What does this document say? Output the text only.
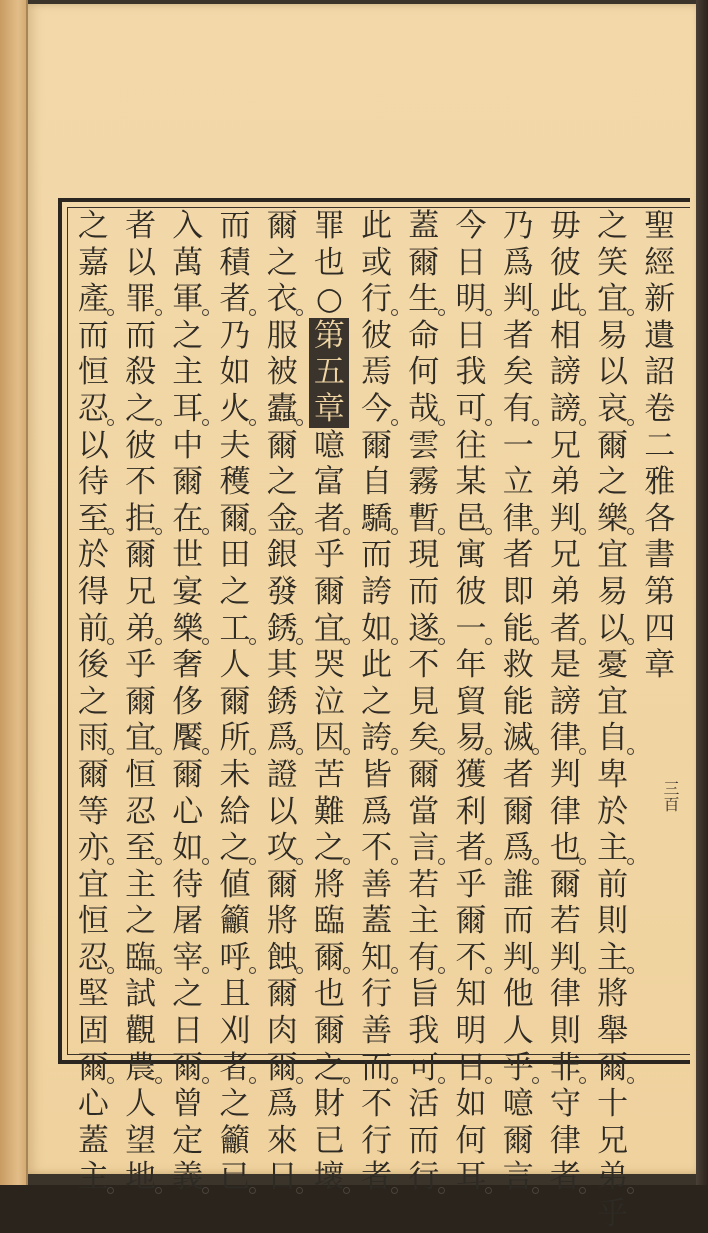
聖
經
新
遺
詔
卷
二
雅
各
書
第
四
章
之
笑
宜
易
以
哀
爾
之
樂
宜
易
以
憂
宜
自
卑
於
主
前
則
主
將
舉
爾
十
兄
弟
乎
毋
彼
此
相
謗
謗
兄
弟
判
兄
弟
者
是
謗
律
判
律
也
爾
若
判
律
則
非
守
律
者
乃
爲
判
者
矣
有
一
立
律
者
即
能
救
能
滅
者
爾
爲
誰
而
判
他
人
乎
噫
爾
言
今
日
明
日
我
可
往
某
邑
寓
彼
一
年
貿
易
獲
利
者
乎
爾
不
知
明
日
如
何
耳
蓋
爾
生
命
何
哉
雲
霧
暫
現
而
遂
不
見
矣
爾
當
言
若
主
有
旨
我
可
活
而
行
此
或
行
彼
焉
今
爾
自
驕
而
誇
如
此
之
誇
皆
爲
不
善
蓋
知
行
善
而
不
行
者
罪
也
○
第
五
章
噫
富
者
乎
爾
宜
哭
泣
因
苦
難
之
將
臨
爾
也
爾
之
財
已
壞
爾
之
衣
服
被
蠹
爾
之
金
銀
發
銹
其
銹
爲
證
以
攻
爾
將
蝕
爾
肉
爾
爲
來
日
而
積
者
乃
如
火
夫
穫
爾
田
之
工
人
爾
所
未
給
之
値
籲
呼
且
刈
者
之
籲
已
入
萬
軍
之
主
耳
中
爾
在
世
宴
樂
奢
侈
饜
爾
心
如
待
屠
宰
之
日
爾
曾
定
義
者
以
罪
而
殺
之
彼
不
拒
爾
兄
弟
乎
爾
宜
恒
忍
至
主
之
臨
試
觀
農
人
望
地
之
嘉
產
而
恒
忍
以
待
至
於
得
前
後
之
雨
爾
等
亦
宜
恒
忍
堅
固
爾
心
蓋
主
三百
